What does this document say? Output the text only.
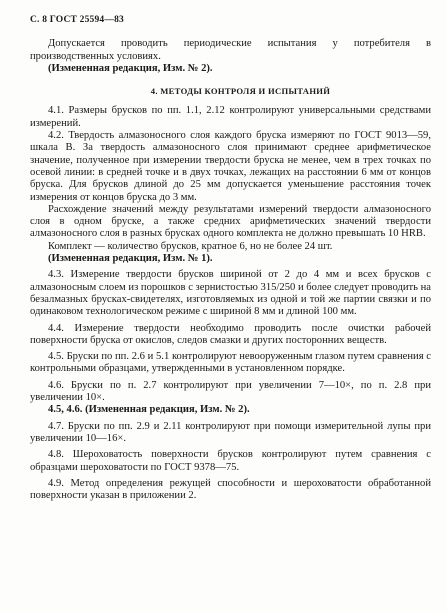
С. 8 ГОСТ 25594—83

Допускается проводить периодические испытания у потребителя в производственных условиях.

(Измененная редакция, Изм. № 2).

4. МЕТОДЫ КОНТРОЛЯ И ИСПЫТАНИЙ

4.1. Размеры брусков по пп. 1.1, 2.12 контролируют универсальными средствами измерений.

4.2. Твердость алмазоносного слоя каждого бруска измеряют по ГОСТ 9013—59, шкала В. За твердость алмазоносного слоя принимают среднее арифметическое значение, полученное при измерении твердости бруска не менее, чем в трех точках по осевой линии: в средней точке и в двух точках, лежащих на расстоянии 6 мм от концов бруска. Для брусков длиной до 25 мм допускается уменьшение расстояния точек измерения от концов бруска до 3 мм.

Расхождение значений между результатами измерений твердости алмазоносного слоя в одном бруске, а также средних арифметических значений твердости алмазоносного слоя в разных брусках одного комплекта не должно превышать 10 HRB.

Комплект — количество брусков, кратное 6, но не более 24 шт.

(Измененная редакция, Изм. № 1).

4.3. Измерение твердости брусков шириной от 2 до 4 мм и всех брусков с алмазоносным слоем из порошков с зернистостью 315/250 и более следует проводить на безалмазных брусках-свидетелях, изготовляемых из одной и той же партии связки и по одинаковом технологическом режиме с шириной 8 мм и длиной 100 мм.

4.4. Измерение твердости необходимо проводить после очистки рабочей поверхности бруска от окислов, следов смазки и других посторонних веществ.

4.5. Бруски по пп. 2.6 и 5.1 контролируют невооруженным глазом путем сравнения с контрольными образцами, утвержденными в установленном порядке.

4.6. Бруски по п. 2.7 контролируют при увеличении 7—10×, по п. 2.8 при увеличении 10×.

4.5, 4.6. (Измененная редакция, Изм. № 2).

4.7. Бруски по пп. 2.9 и 2.11 контролируют при помощи измерительной лупы при увеличении 10—16×.

4.8. Шероховатость поверхности брусков контролируют путем сравнения с образцами шероховатости по ГОСТ 9378—75.

4.9. Метод определения режущей способности и шероховатости обработанной поверхности указан в приложении 2.
